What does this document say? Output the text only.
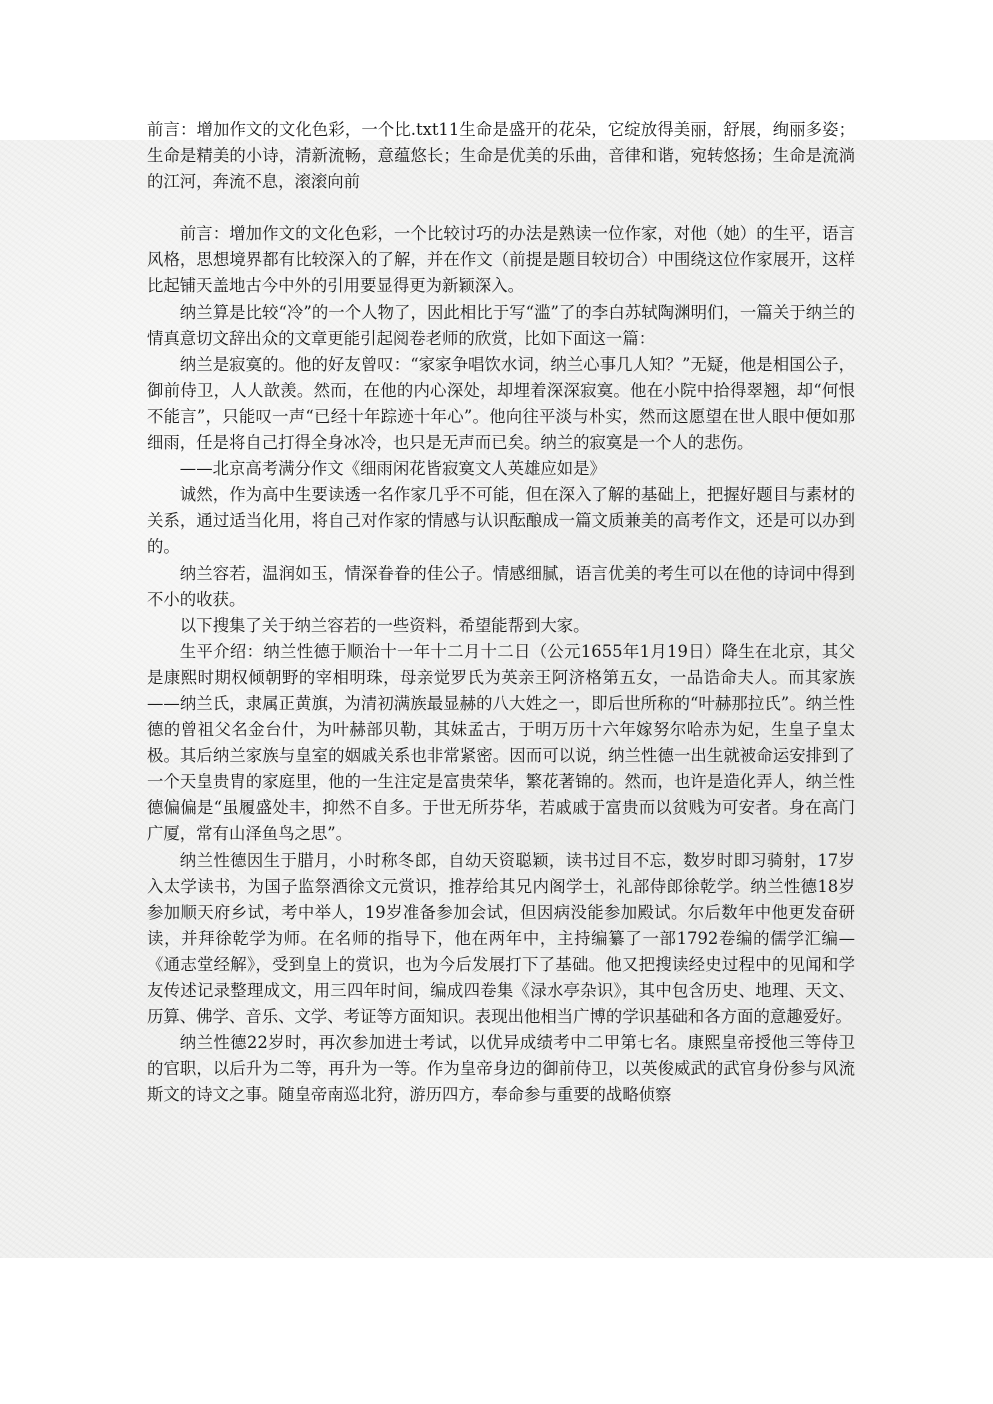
前言：增加作文的文化色彩，一个比.txt11生命是盛开的花朵，它绽放得美丽，舒展，绚丽多姿；生命是精美的小诗，清新流畅，意蕴悠长；生命是优美的乐曲，音律和谐，宛转悠扬；生命是流淌的江河，奔流不息，滚滚向前

前言：增加作文的文化色彩，一个比较讨巧的办法是熟读一位作家，对他（她）的生平，语言风格，思想境界都有比较深入的了解，并在作文（前提是题目较切合）中围绕这位作家展开，这样比起铺天盖地古今中外的引用要显得更为新颖深入。

纳兰算是比较“冷”的一个人物了，因此相比于写“滥”了的李白苏轼陶渊明们，一篇关于纳兰的情真意切文辞出众的文章更能引起阅卷老师的欣赏，比如下面这一篇：

纳兰是寂寞的。他的好友曾叹：“家家争唱饮水词，纳兰心事几人知？”无疑，他是相国公子，御前侍卫，人人歆羡。然而，在他的内心深处，却埋着深深寂寞。他在小院中拾得翠翘，却“何恨不能言”，只能叹一声“已经十年踪迹十年心”。他向往平淡与朴实，然而这愿望在世人眼中便如那细雨，任是将自己打得全身冰冷，也只是无声而已矣。纳兰的寂寞是一个人的悲伤。

——北京高考满分作文《细雨闲花皆寂寞文人英雄应如是》

诚然，作为高中生要读透一名作家几乎不可能，但在深入了解的基础上，把握好题目与素材的关系，通过适当化用，将自己对作家的情感与认识酝酿成一篇文质兼美的高考作文，还是可以办到的。

纳兰容若，温润如玉，情深眷眷的佳公子。情感细腻，语言优美的考生可以在他的诗词中得到不小的收获。

以下搜集了关于纳兰容若的一些资料，希望能帮到大家。

生平介绍：纳兰性德于顺治十一年十二月十二日（公元1655年1月19日）降生在北京，其父是康熙时期权倾朝野的宰相明珠，母亲觉罗氏为英亲王阿济格第五女，一品诰命夫人。而其家族——纳兰氏，隶属正黄旗，为清初满族最显赫的八大姓之一，即后世所称的“叶赫那拉氏”。纳兰性德的曾祖父名金台什，为叶赫部贝勒，其妹孟古，于明万历十六年嫁努尔哈赤为妃，生皇子皇太极。其后纳兰家族与皇室的姻戚关系也非常紧密。因而可以说，纳兰性德一出生就被命运安排到了一个天皇贵胄的家庭里，他的一生注定是富贵荣华，繁花著锦的。然而，也许是造化弄人，纳兰性德偏偏是“虽履盛处丰，抑然不自多。于世无所芬华，若戚戚于富贵而以贫贱为可安者。身在高门广厦，常有山泽鱼鸟之思”。

纳兰性德因生于腊月，小时称冬郎，自幼天资聪颖，读书过目不忘，数岁时即习骑射，17岁入太学读书，为国子监祭酒徐文元赏识，推荐给其兄内阁学士，礼部侍郎徐乾学。纳兰性德18岁参加顺天府乡试，考中举人，19岁准备参加会试，但因病没能参加殿试。尔后数年中他更发奋研读，并拜徐乾学为师。在名师的指导下，他在两年中，主持编纂了一部1792卷编的儒学汇编—《通志堂经解》，受到皇上的赏识，也为今后发展打下了基础。他又把搜读经史过程中的见闻和学友传述记录整理成文，用三四年时间，编成四卷集《渌水亭杂识》，其中包含历史、地理、天文、历算、佛学、音乐、文学、考证等方面知识。表现出他相当广博的学识基础和各方面的意趣爱好。

纳兰性德22岁时，再次参加进士考试，以优异成绩考中二甲第七名。康熙皇帝授他三等侍卫的官职，以后升为二等，再升为一等。作为皇帝身边的御前侍卫，以英俊威武的武官身份参与风流斯文的诗文之事。随皇帝南巡北狩，游历四方，奉命参与重要的战略侦察
